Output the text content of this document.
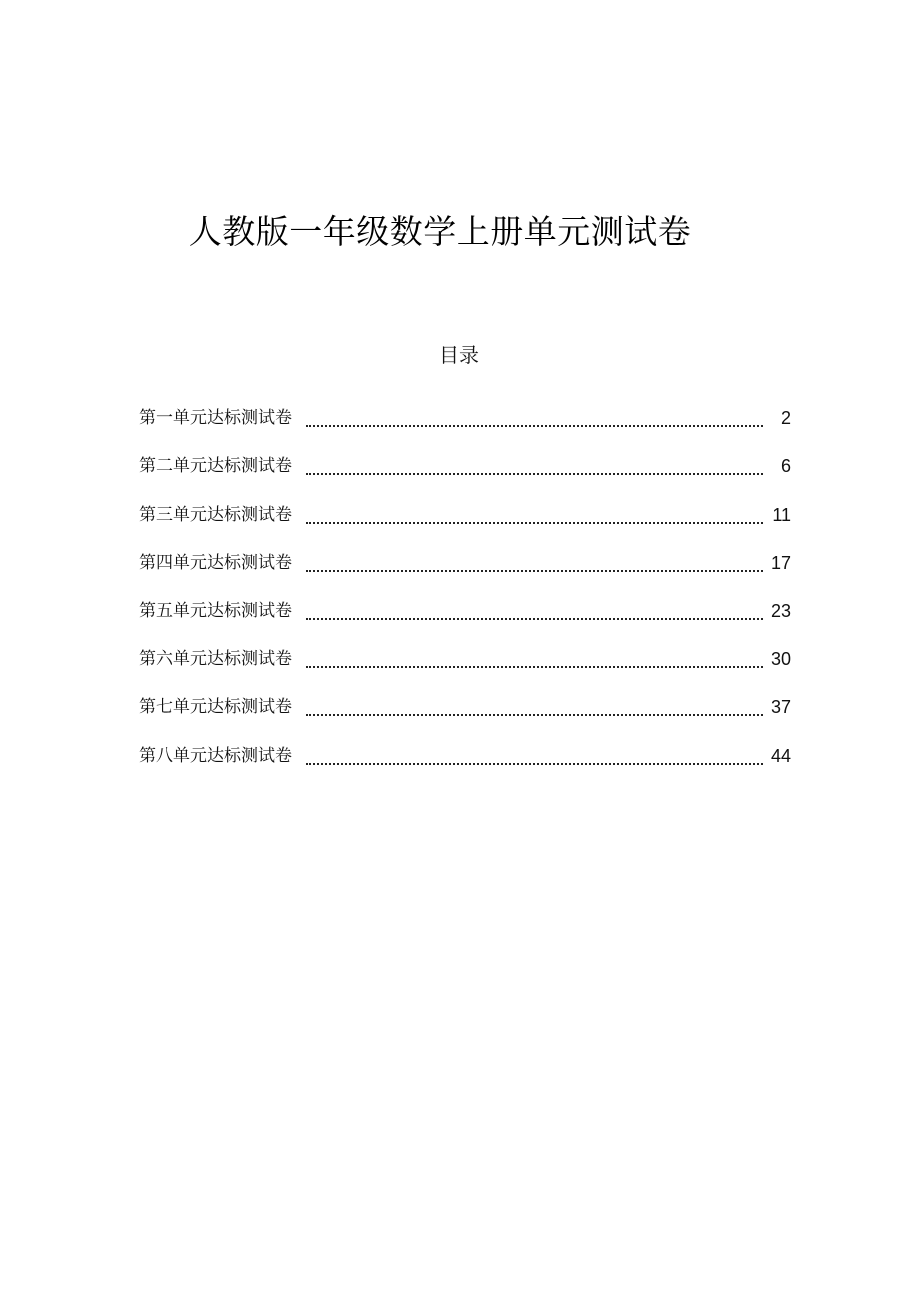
人教版一年级数学上册单元测试卷
目录
第一单元达标测试卷	2
第二单元达标测试卷	6
第三单元达标测试卷	11
第四单元达标测试卷	17
第五单元达标测试卷	23
第六单元达标测试卷	30
第七单元达标测试卷	37
第八单元达标测试卷	44
